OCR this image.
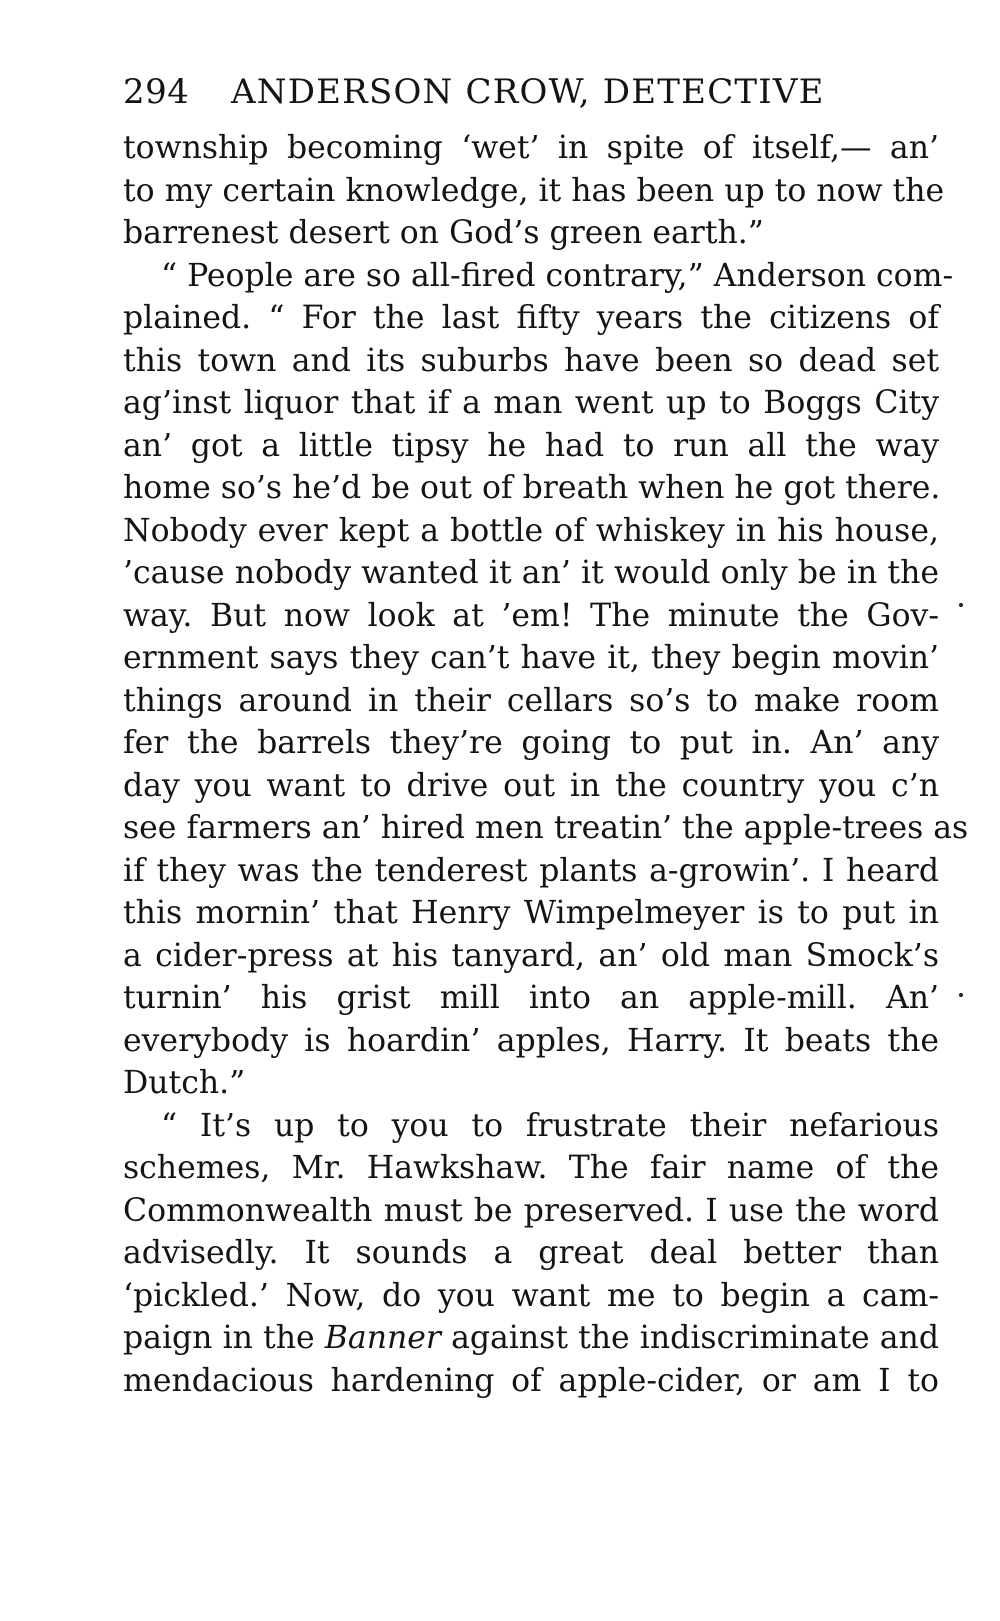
294	ANDERSON CROW, DETECTIVE
township becoming ‘wet’ in spite of itself,— an’
to my certain knowledge, it has been up to now the
barrenest desert on God’s green earth.”
“ People are so all-fired contrary,” Anderson com-
plained. “ For the last fifty years the citizens of
this town and its suburbs have been so dead set
ag’inst liquor that if a man went up to Boggs City
an’ got a little tipsy he had to run all the way
home so’s he’d be out of breath when he got there.
Nobody ever kept a bottle of whiskey in his house,
’cause nobody wanted it an’ it would only be in the
way. But now look at ’em! The minute the Gov-
ernment says they can’t have it, they begin movin’
things around in their cellars so’s to make room
fer the barrels they’re going to put in. An’ any
day you want to drive out in the country you c’n
see farmers an’ hired men treatin’ the apple-trees as
if they was the tenderest plants a-growin’. I heard
this mornin’ that Henry Wimpelmeyer is to put in
a cider-press at his tanyard, an’ old man Smock’s
turnin’ his grist mill into an apple-mill. An’
everybody is hoardin’ apples, Harry. It beats the
Dutch.”
“ It’s up to you to frustrate their nefarious
schemes, Mr. Hawkshaw. The fair name of the
Commonwealth must be preserved. I use the word
advisedly. It sounds a great deal better than
‘pickled.’ Now, do you want me to begin a cam-
paign in the Banner against the indiscriminate and
mendacious hardening of apple-cider, or am I to
